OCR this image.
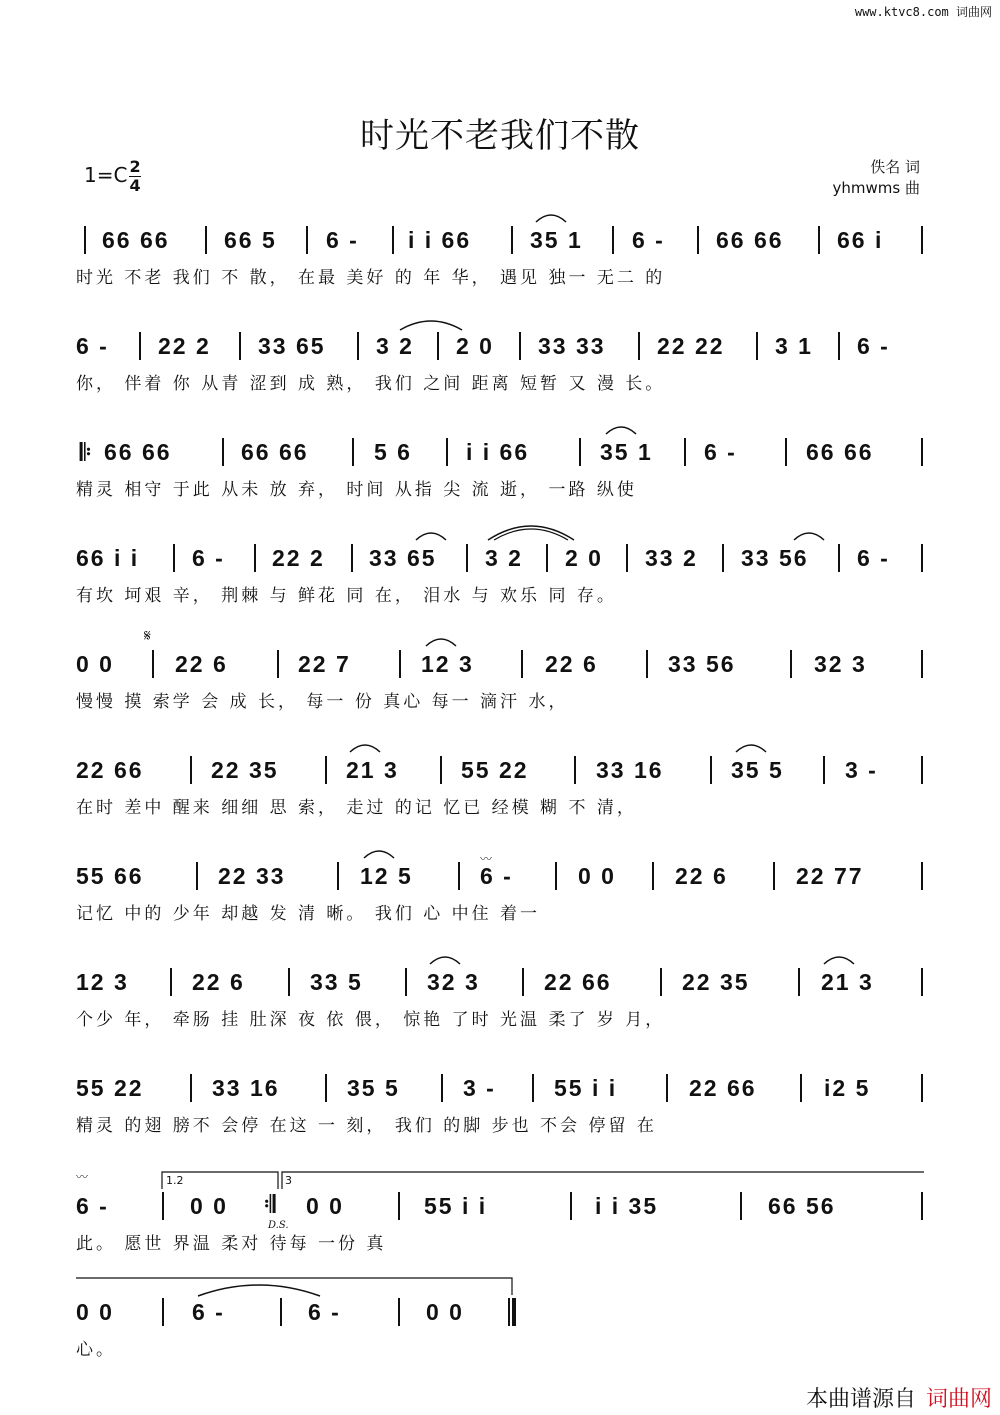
www.ktvc8.com 词曲网
时光不老我们不散
$1=C \frac{2}{4}$	佚名 词
yhmwms 曲
66 66 66 5 6 - i i 66	35 1 6 - 66 66 66 i
时光 不老 我们 不 散， 在最 美好 的 年 华， 遇见 独一 无二 的
6 - 22 2 33 65 3 2 2 0 33 33 22 22 3 1 6 -
你， 伴着 你 从青 涩到 成 熟， 我们 之间 距离 短暂 又 漫 长。
𝄆 66 66	66 66	5 6 i i 66	35 1 6 -	66 66
精灵 相守 于此 从未 放 弃， 时间 从指 尖 流 逝， 一路 纵使
66 i i 6 - 22 2 33 65 3 2 2 0 33 2 33 56 6 -
有坎 坷艰 辛， 荆棘 与 鲜花 同 在， 泪水 与 欢乐 同 存。
𝄋
0 0	22 6	22 7	12 3	22 6	33 56	32 3
慢慢 摸 索学 会 成 长， 每一 份 真心 每一 滴汗 水，
22 66	22 35	21 3	55 22	33 16	35 5	3 -
在时 差中 醒来 细细 思 索， 走过 的记 忆已 经模 糊 不 清，
55 66	22 33	12 5	6 -	0 0	22 6	22 77
〰
记忆 中的 少年 却越 发 清 晰。 我们 心 中住 着一
12 3	22 6	33 5	32 3	22 66	22 35	21 3
个少 年， 牵肠 挂 肚深 夜 依 偎， 惊艳 了时 光温 柔了 岁 月，
55 22	33 16	35 5	3 -	55 i i	22 66	i2 5
精灵 的翅 膀不 会停 在这 一 刻， 我们 的脚 步也 不会 停留 在
〰	1.2	3
6 -	0 0 𝄇 0 0	55 i i	i i 35	66 56
D.S.
此。 愿世 界温 柔对 待每 一份 真
0 0	6 -	6 -	0 0
心。
本曲谱源自 词曲网
